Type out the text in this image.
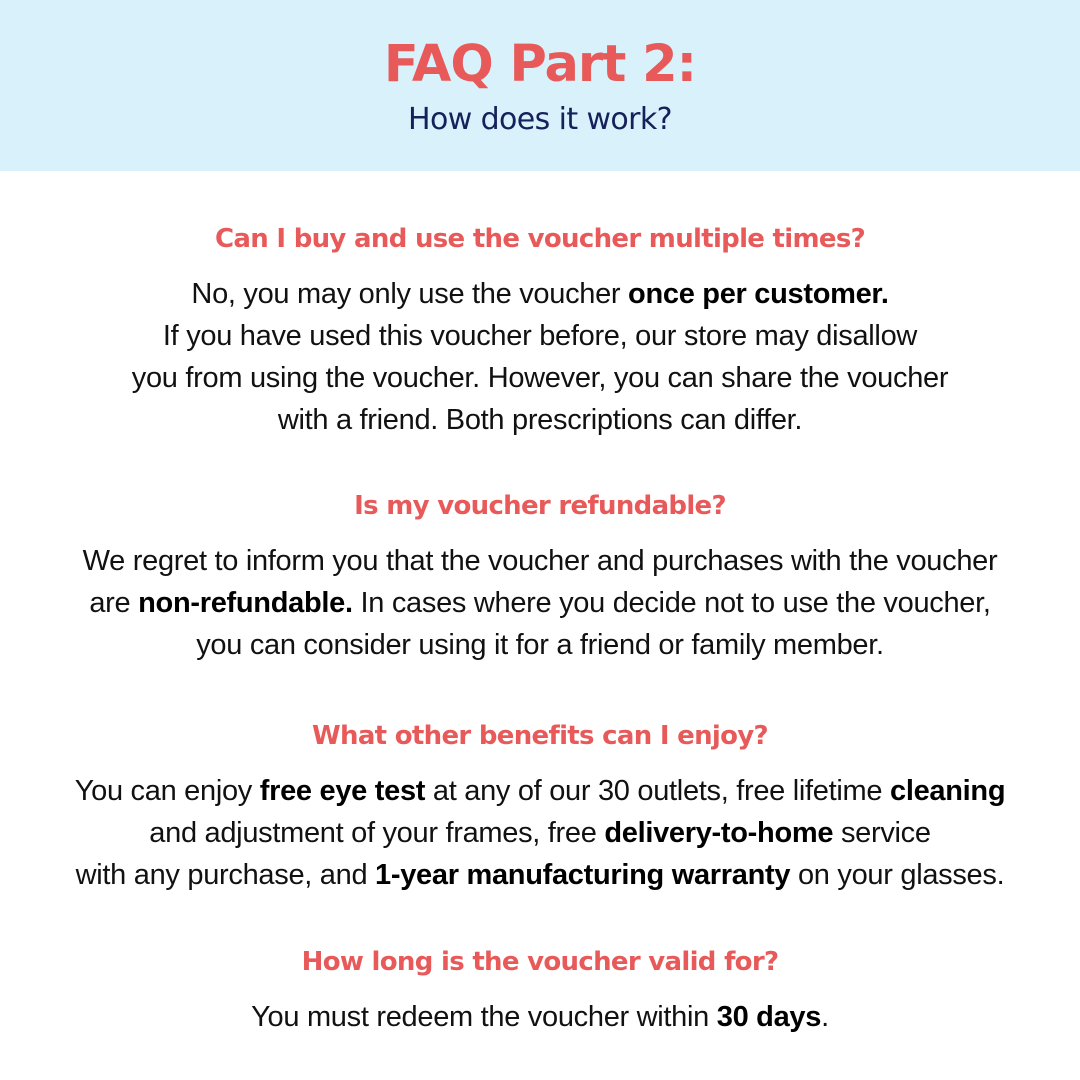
FAQ Part 2:

How does it work?

Can I buy and use the voucher multiple times?
No, you may only use the voucher once per customer.
If you have used this voucher before, our store may disallow
you from using the voucher. However, you can share the voucher
with a friend. Both prescriptions can differ.
Is my voucher refundable?
We regret to inform you that the voucher and purchases with the voucher
are non-refundable. In cases where you decide not to use the voucher,
you can consider using it for a friend or family member.
What other benefits can I enjoy?
You can enjoy free eye test at any of our 30 outlets, free lifetime cleaning
and adjustment of your frames, free delivery-to-home service
with any purchase, and 1-year manufacturing warranty on your glasses.
How long is the voucher valid for?
You must redeem the voucher within 30 days.
